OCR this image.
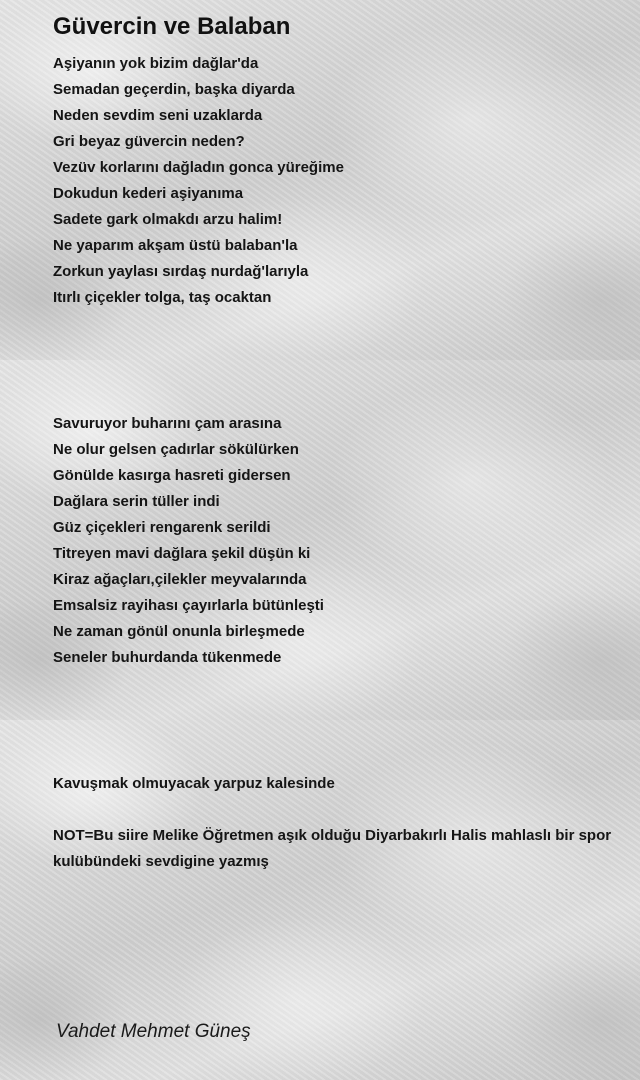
Güvercin ve Balaban
Aşiyanın yok bizim dağlar'da
Semadan geçerdin, başka diyarda
Neden sevdim seni uzaklarda
Gri beyaz güvercin neden?
Vezüv korlarını dağladın gonca yüreğime
Dokudun kederi aşiyanıma
Sadete gark olmakdı arzu halim!
Ne yaparım akşam üstü balaban'la
Zorkun yaylası sırdaş nurdağ'larıyla
Itırlı çiçekler tolga, taş ocaktan
Savuruyor buharını çam arasına
Ne olur gelsen çadırlar sökülürken
Gönülde kasırga hasreti gidersen
Dağlara serin tüller indi
Güz çiçekleri rengarenk serildi
Titreyen mavi dağlara şekil düşün ki
Kiraz ağaçları,çilekler meyvalarında
Emsalsiz rayihası çayırlarla bütünleşti
Ne zaman gönül onunla birleşmede
Seneler buhurdanda tükenmede
Kavuşmak olmuyacak yarpuz kalesinde

NOT=Bu siire Melike Öğretmen aşık olduğu Diyarbakırlı Halis mahlaslı bir spor kulübündeki sevdigine yazmış

Vahdet Mehmet Güneş
